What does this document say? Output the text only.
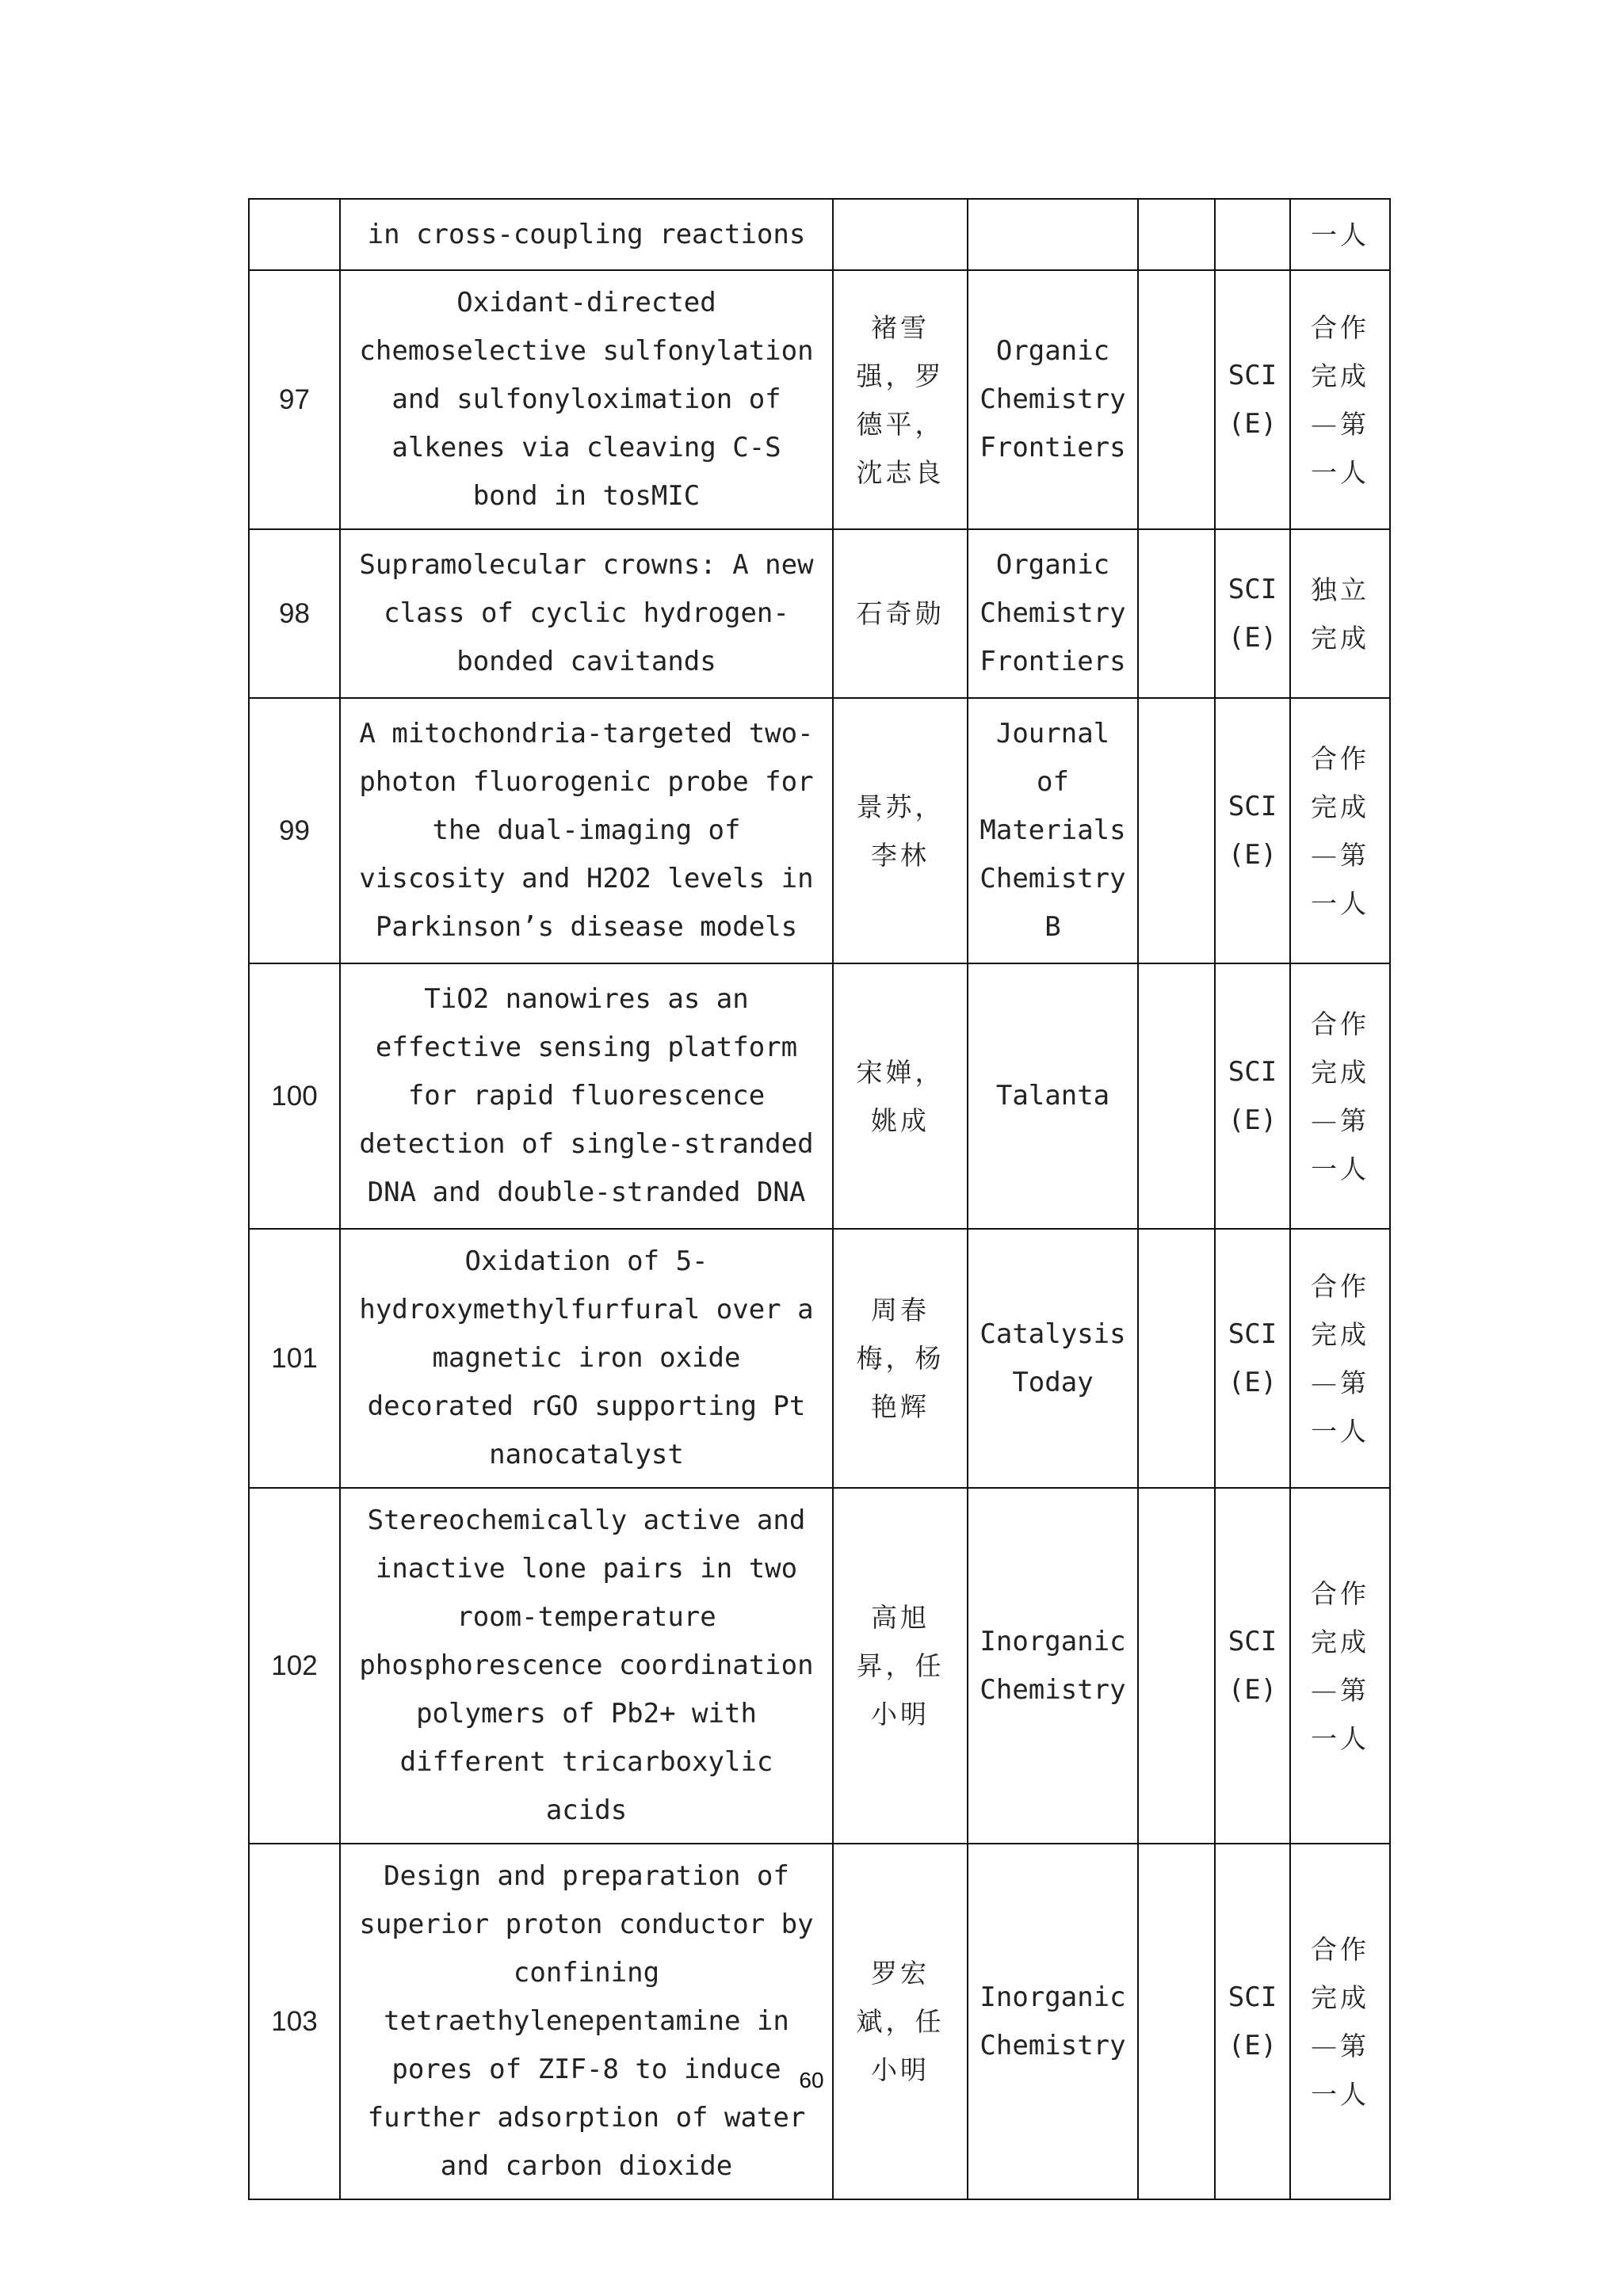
	in cross-coupling reactions					一人
97	Oxidant-directed chemoselective sulfonylation and sulfonyloximation of alkenes via cleaving C-S bond in tosMIC	褚雪强，罗德平，沈志良	Organic Chemistry Frontiers		SCI (E)	合作完成—第一人
98	Supramolecular crowns: A new class of cyclic hydrogen-bonded cavitands	石奇勋	Organic Chemistry Frontiers		SCI (E)	独立完成
99	A mitochondria-targeted two-photon fluorogenic probe for the dual-imaging of viscosity and H2O2 levels in Parkinson’s disease models	景苏，李林	Journal of Materials Chemistry B		SCI (E)	合作完成—第一人
100	TiO2 nanowires as an effective sensing platform for rapid fluorescence detection of single-stranded DNA and double-stranded DNA	宋婵，姚成	Talanta		SCI (E)	合作完成—第一人
101	Oxidation of 5-hydroxymethylfurfural over a magnetic iron oxide decorated rGO supporting Pt nanocatalyst	周春梅，杨艳辉	Catalysis Today		SCI (E)	合作完成—第一人
102	Stereochemically active and inactive lone pairs in two room-temperature phosphorescence coordination polymers of Pb2+ with different tricarboxylic acids	高旭昇，任小明	Inorganic Chemistry		SCI (E)	合作完成—第一人
103	Design and preparation of superior proton conductor by confining tetraethylenepentamine in pores of ZIF-8 to induce further adsorption of water and carbon dioxide	罗宏斌，任小明	Inorganic Chemistry		SCI (E)	合作完成—第一人
60
